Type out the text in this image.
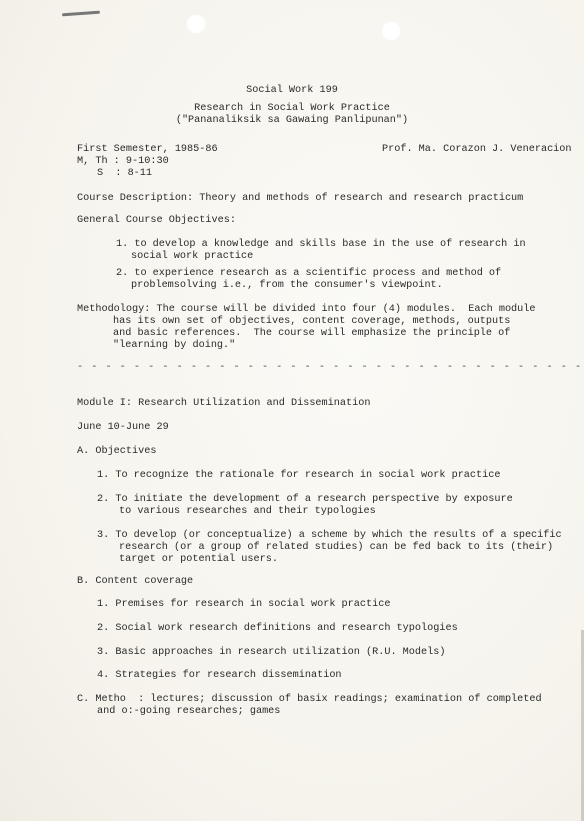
Social Work 199
Research in Social Work Practice
("Pananaliksik sa Gawaing Panlipunan")
First Semester, 1985-86	Prof. Ma. Corazon J. Veneracion
M, Th : 9-10:30
S  : 8-11
Course Description: Theory and methods of research and research practicum
General Course Objectives:
1. to develop a knowledge and skills base in the use of research in
social work practice
2. to experience research as a scientific process and method of
problemsolving i.e., from the consumer's viewpoint.
Methodology: The course will be divided into four (4) modules.  Each module
has its own set of objectives, content coverage, methods, outputs
and basic references.  The course will emphasize the principle of
"learning by doing."
- - - - - - - - - - - - - - - - - - - - - - - - - - - - - - - - - - - -
Module I: Research Utilization and Dissemination
June 10-June 29
A. Objectives
1. To recognize the rationale for research in social work practice
2. To initiate the development of a research perspective by exposure
to various researches and their typologies
3. To develop (or conceptualize) a scheme by which the results of a specific
research (or a group of related studies) can be fed back to its (their)
target or potential users.
B. Content coverage
1. Premises for research in social work practice
2. Social work research definitions and research typologies
3. Basic approaches in research utilization (R.U. Models)
4. Strategies for research dissemination
C. Metho  : lectures; discussion of basix readings; examination of completed
and o:-going researches; games
